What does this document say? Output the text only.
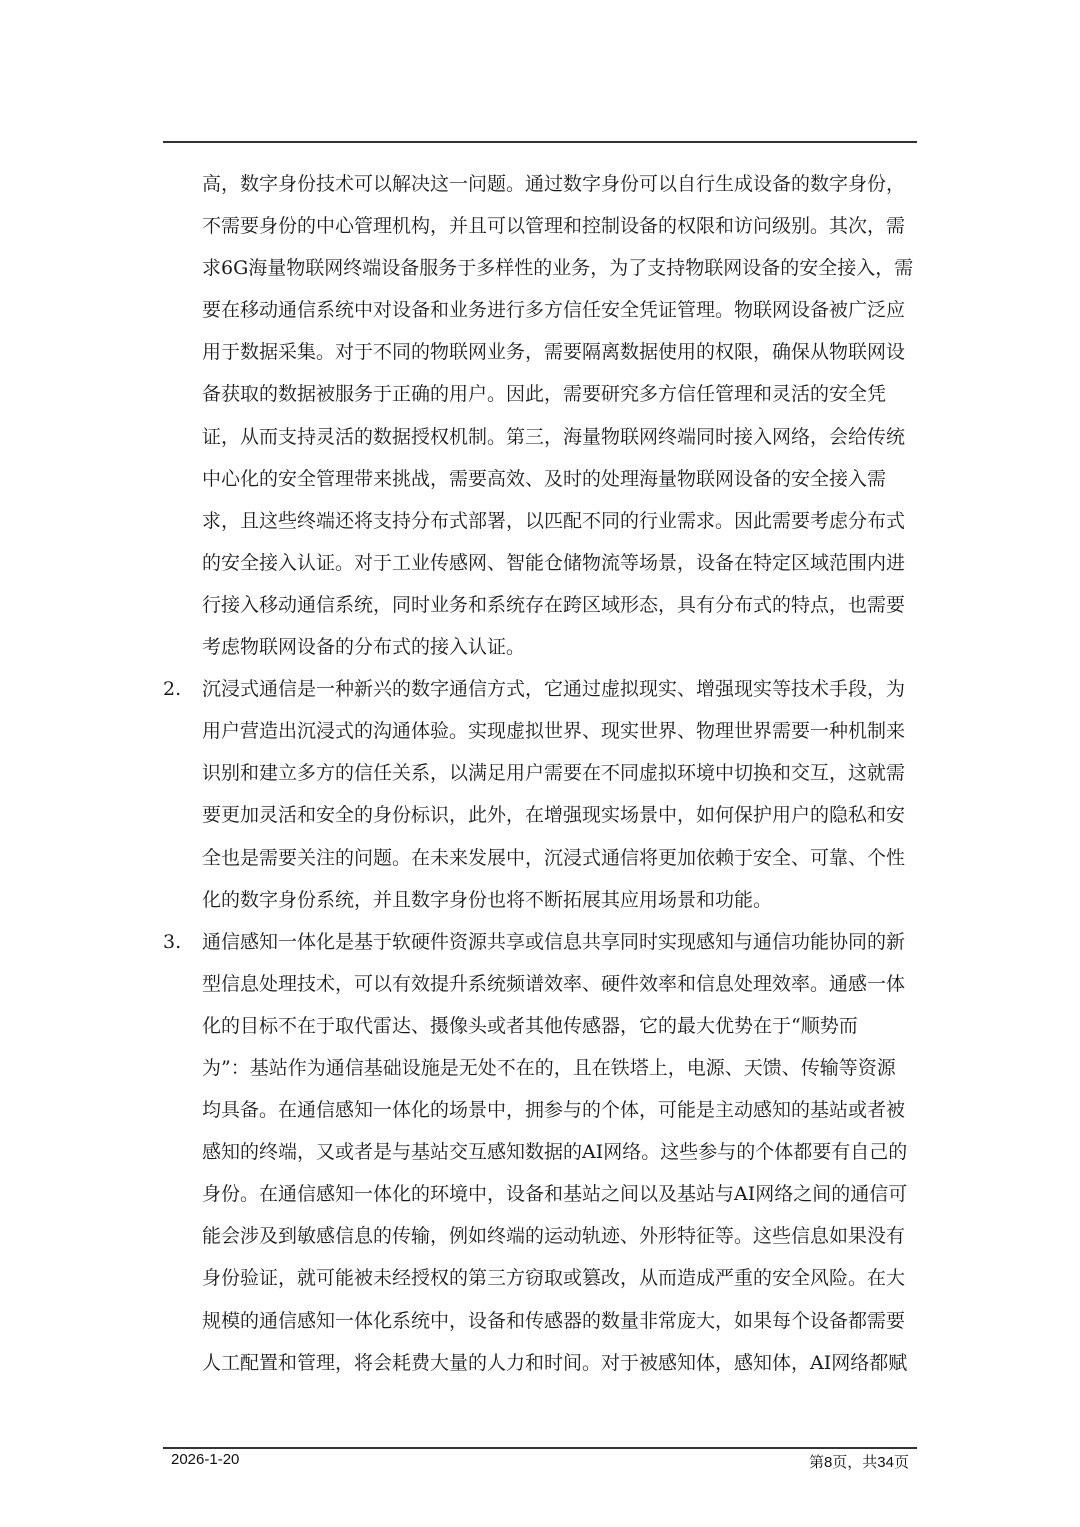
高，数字身份技术可以解决这一问题。通过数字身份可以自行生成设备的数字身份，
不需要身份的中心管理机构，并且可以管理和控制设备的权限和访问级别。其次，需
求6G海量物联网终端设备服务于多样性的业务，为了支持物联网设备的安全接入，需
要在移动通信系统中对设备和业务进行多方信任安全凭证管理。物联网设备被广泛应
用于数据采集。对于不同的物联网业务，需要隔离数据使用的权限，确保从物联网设
备获取的数据被服务于正确的用户。因此，需要研究多方信任管理和灵活的安全凭
证，从而支持灵活的数据授权机制。第三，海量物联网终端同时接入网络，会给传统
中心化的安全管理带来挑战，需要高效、及时的处理海量物联网设备的安全接入需
求，且这些终端还将支持分布式部署，以匹配不同的行业需求。因此需要考虑分布式
的安全接入认证。对于工业传感网、智能仓储物流等场景，设备在特定区域范围内进
行接入移动通信系统，同时业务和系统存在跨区域形态，具有分布式的特点，也需要
考虑物联网设备的分布式的接入认证。
2. 沉浸式通信是一种新兴的数字通信方式，它通过虚拟现实、增强现实等技术手段，为
用户营造出沉浸式的沟通体验。实现虚拟世界、现实世界、物理世界需要一种机制来
识别和建立多方的信任关系，以满足用户需要在不同虚拟环境中切换和交互，这就需
要更加灵活和安全的身份标识，此外，在增强现实场景中，如何保护用户的隐私和安
全也是需要关注的问题。在未来发展中，沉浸式通信将更加依赖于安全、可靠、个性
化的数字身份系统，并且数字身份也将不断拓展其应用场景和功能。
3. 通信感知一体化是基于软硬件资源共享或信息共享同时实现感知与通信功能协同的新
型信息处理技术，可以有效提升系统频谱效率、硬件效率和信息处理效率。通感一体
化的目标不在于取代雷达、摄像头或者其他传感器，它的最大优势在于“顺势而
为”：基站作为通信基础设施是无处不在的，且在铁塔上，电源、天馈、传输等资源
均具备。在通信感知一体化的场景中，拥参与的个体，可能是主动感知的基站或者被
感知的终端，又或者是与基站交互感知数据的AI网络。这些参与的个体都要有自己的
身份。在通信感知一体化的环境中，设备和基站之间以及基站与AI网络之间的通信可
能会涉及到敏感信息的传输，例如终端的运动轨迹、外形特征等。这些信息如果没有
身份验证，就可能被未经授权的第三方窃取或篡改，从而造成严重的安全风险。在大
规模的通信感知一体化系统中，设备和传感器的数量非常庞大，如果每个设备都需要
人工配置和管理，将会耗费大量的人力和时间。对于被感知体，感知体，AI网络都赋
2026-1-20	第8页，共34页
